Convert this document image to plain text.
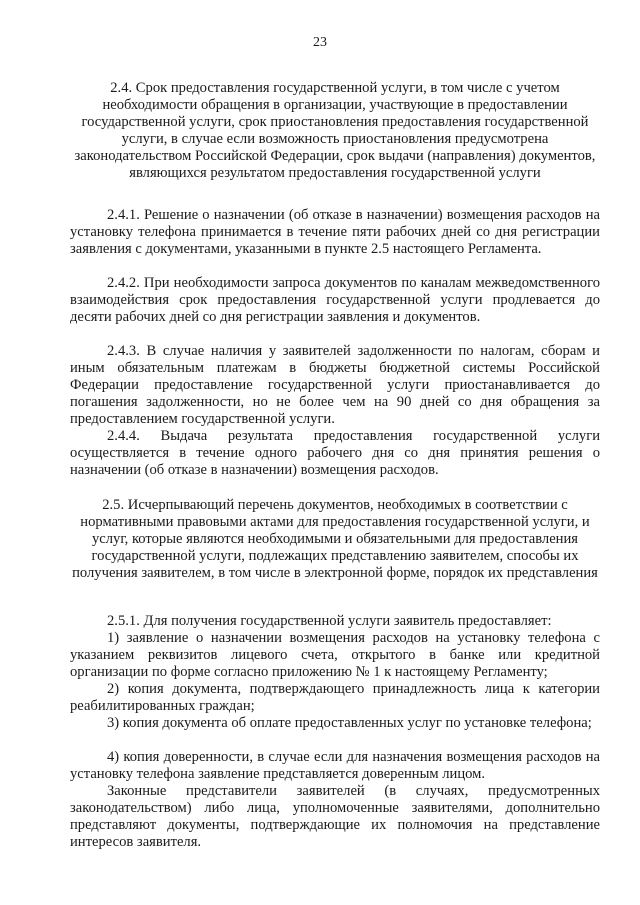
23
2.4. Срок предоставления государственной услуги, в том числе с учетом необходимости обращения в организации, участвующие в предоставлении государственной услуги, срок приостановления предоставления государственной услуги, в случае если возможность приостановления предусмотрена законодательством Российской Федерации, срок выдачи (направления) документов, являющихся результатом предоставления государственной услуги
2.4.1. Решение о назначении (об отказе в назначении) возмещения расходов на установку телефона принимается в течение пяти рабочих дней со дня регистрации заявления с документами, указанными в пункте 2.5 настоящего Регламента.
2.4.2. При необходимости запроса документов по каналам межведомственного взаимодействия срок предоставления государственной услуги продлевается до десяти рабочих дней со дня регистрации заявления и документов.
2.4.3. В случае наличия у заявителей задолженности по налогам, сборам и иным обязательным платежам в бюджеты бюджетной системы Российской Федерации предоставление государственной услуги приостанавливается до погашения задолженности, но не более чем на 90 дней со дня обращения за предоставлением государственной услуги.
2.4.4. Выдача результата предоставления государственной услуги осуществляется в течение одного рабочего дня со дня принятия решения о назначении (об отказе в назначении) возмещения расходов.
2.5. Исчерпывающий перечень документов, необходимых в соответствии с нормативными правовыми актами для предоставления государственной услуги, и услуг, которые являются необходимыми и обязательными для предоставления государственной услуги, подлежащих представлению заявителем, способы их получения заявителем, в том числе в электронной форме, порядок их представления
2.5.1. Для получения государственной услуги заявитель предоставляет:
1) заявление о назначении возмещения расходов на установку телефона с указанием реквизитов лицевого счета, открытого в банке или кредитной организации по форме согласно приложению № 1 к настоящему Регламенту;
2) копия документа, подтверждающего принадлежность лица к категории реабилитированных граждан;
3) копия документа об оплате предоставленных услуг по установке телефона;
4) копия доверенности, в случае если для назначения возмещения расходов на установку телефона заявление представляется доверенным лицом.
Законные представители заявителей (в случаях, предусмотренных законодательством) либо лица, уполномоченные заявителями, дополнительно представляют документы, подтверждающие их полномочия на представление интересов заявителя.
